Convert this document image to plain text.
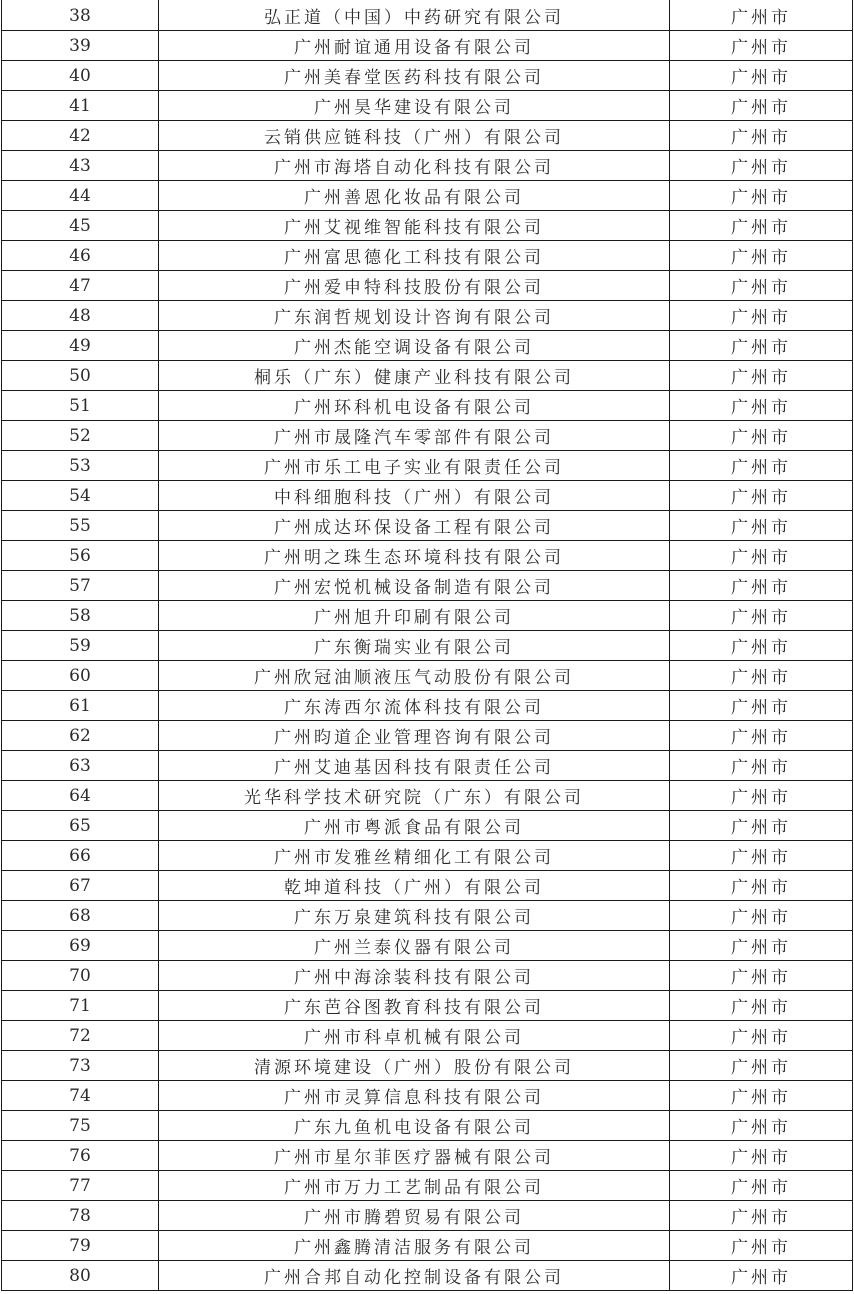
38	弘正道（中国）中药研究有限公司	广州市
39	广州耐谊通用设备有限公司	广州市
40	广州美春堂医药科技有限公司	广州市
41	广州昊华建设有限公司	广州市
42	云销供应链科技（广州）有限公司	广州市
43	广州市海塔自动化科技有限公司	广州市
44	广州善恩化妆品有限公司	广州市
45	广州艾视维智能科技有限公司	广州市
46	广州富思德化工科技有限公司	广州市
47	广州爱申特科技股份有限公司	广州市
48	广东润哲规划设计咨询有限公司	广州市
49	广州杰能空调设备有限公司	广州市
50	桐乐（广东）健康产业科技有限公司	广州市
51	广州环科机电设备有限公司	广州市
52	广州市晟隆汽车零部件有限公司	广州市
53	广州市乐工电子实业有限责任公司	广州市
54	中科细胞科技（广州）有限公司	广州市
55	广州成达环保设备工程有限公司	广州市
56	广州明之珠生态环境科技有限公司	广州市
57	广州宏悦机械设备制造有限公司	广州市
58	广州旭升印刷有限公司	广州市
59	广东衡瑞实业有限公司	广州市
60	广州欣冠油顺液压气动股份有限公司	广州市
61	广东涛西尔流体科技有限公司	广州市
62	广州昀道企业管理咨询有限公司	广州市
63	广州艾迪基因科技有限责任公司	广州市
64	光华科学技术研究院（广东）有限公司	广州市
65	广州市粤派食品有限公司	广州市
66	广州市发雅丝精细化工有限公司	广州市
67	乾坤道科技（广州）有限公司	广州市
68	广东万泉建筑科技有限公司	广州市
69	广州兰泰仪器有限公司	广州市
70	广州中海涂装科技有限公司	广州市
71	广东芭谷图教育科技有限公司	广州市
72	广州市科卓机械有限公司	广州市
73	清源环境建设（广州）股份有限公司	广州市
74	广州市灵算信息科技有限公司	广州市
75	广东九鱼机电设备有限公司	广州市
76	广州市星尔菲医疗器械有限公司	广州市
77	广州市万力工艺制品有限公司	广州市
78	广州市腾碧贸易有限公司	广州市
79	广州鑫腾清洁服务有限公司	广州市
80	广州合邦自动化控制设备有限公司	广州市
